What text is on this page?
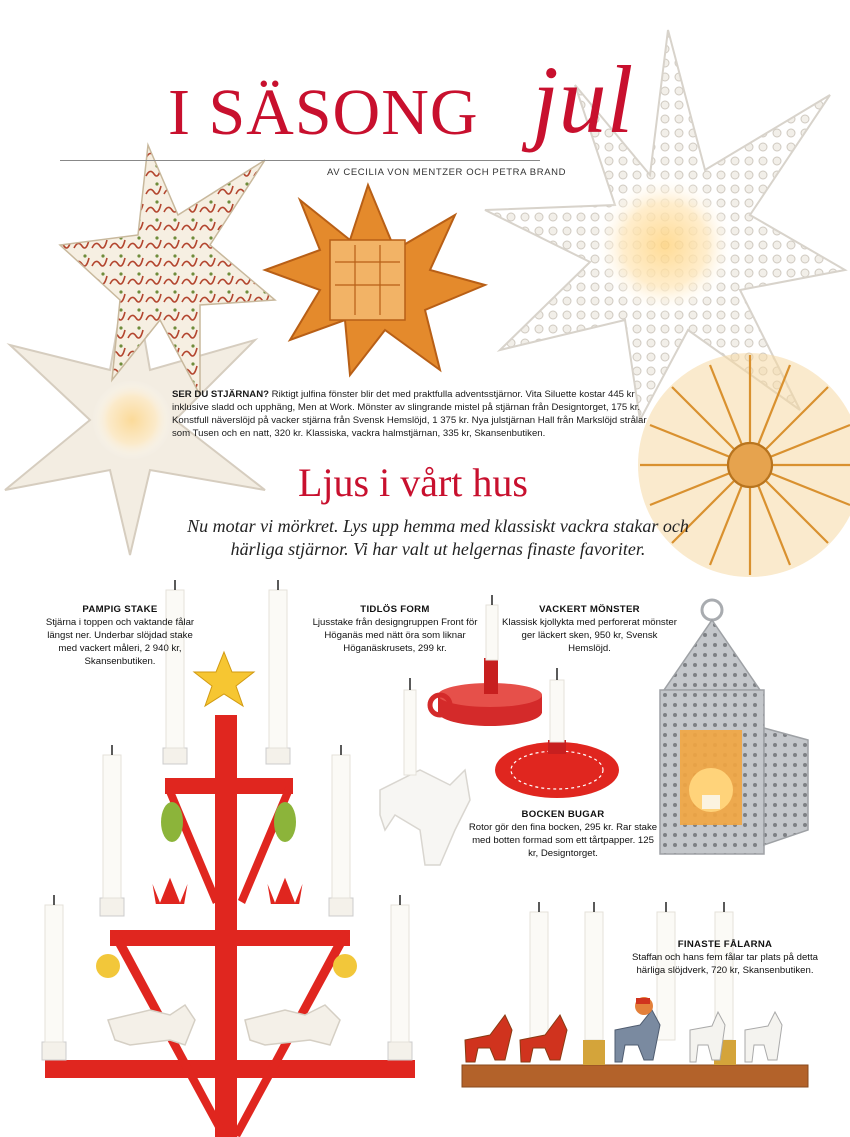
I SÄSONG jul
AV CECILIA VON MENTZER OCH PETRA BRAND
SER DU STJÄRNAN? Riktigt julfina fönster blir det med praktfulla adventsstjärnor. Vita Siluette kostar 445 kr inklusive sladd och upphäng, Men at Work. Mönster av slingrande mistel på stjärnan från Designtorget, 175 kr. Konstfull näverslöjd på vacker stjärna från Svensk Hemslöjd, 1 375 kr. Nya julstjärnan Hall från Markslöjd strålar som Tusen och en natt, 320 kr. Klassiska, vackra halmstjärnan, 335 kr, Skansenbutiken.
Ljus i vårt hus
Nu motar vi mörkret. Lys upp hemma med klassiskt vackra stakar och härliga stjärnor. Vi har valt ut helgernas finaste favoriter.
PAMPIG STAKE
Stjärna i toppen och vaktande fålar längst ner. Underbar slöjdad stake med vackert måleri, 2 940 kr, Skansenbutiken.
TIDLÖS FORM
Ljusstake från designgruppen Front för Höganäs med nätt öra som liknar Höganäskrusets, 299 kr.
VACKERT MÖNSTER
Klassisk kjollykta med perforerat mönster ger läckert sken, 950 kr, Svensk Hemslöjd.
BOCKEN BUGAR
Rotor gör den fina bocken, 295 kr. Rar stake med botten formad som ett tårtpapper. 125 kr, Designtorget.
FINASTE FÅLARNA
Staffan och hans fem fålar tar plats på detta härliga slöjdverk, 720 kr, Skansenbutiken.
